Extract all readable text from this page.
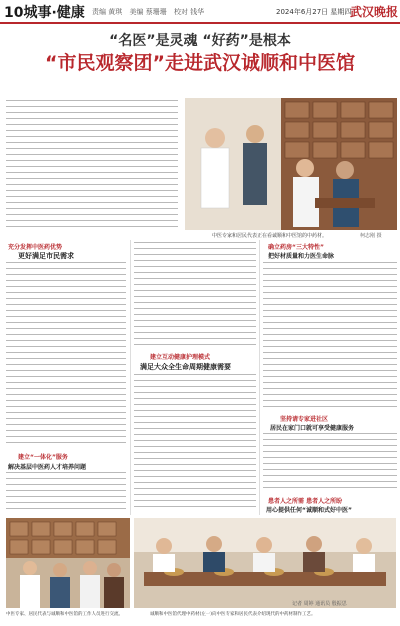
10城事·健康 责编 黄琪 美编 蔡珊珊 校对 钱华	2024年6月27日 星期四
武汉晚报
“名医”是灵魂 “好药”是根本
“市民观察团”走进武汉诚顺和中医馆
中医专家和居民代表正在看诚顺和中医馆的中药材。	柯志刚 摄
充分发挥中医药优势
更好满足市民需求
建立“一体化”服务
解决基层中医药人才培养问题
建立互动健康护理模式
满足大众全生命周期健康需要
确立药房“三大特性”
把好材质量和力医生命脉
坚持请专家进社区
居民在家门口就可享受健康服务
患者人之所需 患者人之所盼
用心提供任何“诚顺和式好中医”
中医专家、居民代表与诚顺和中医馆的工作人员进行交流。	诚顺和中医馆代理中药材(左一)向中医专家和居民代表介绍现代的中药材制作工艺。
记者 周婷 通讯员 殷振思
